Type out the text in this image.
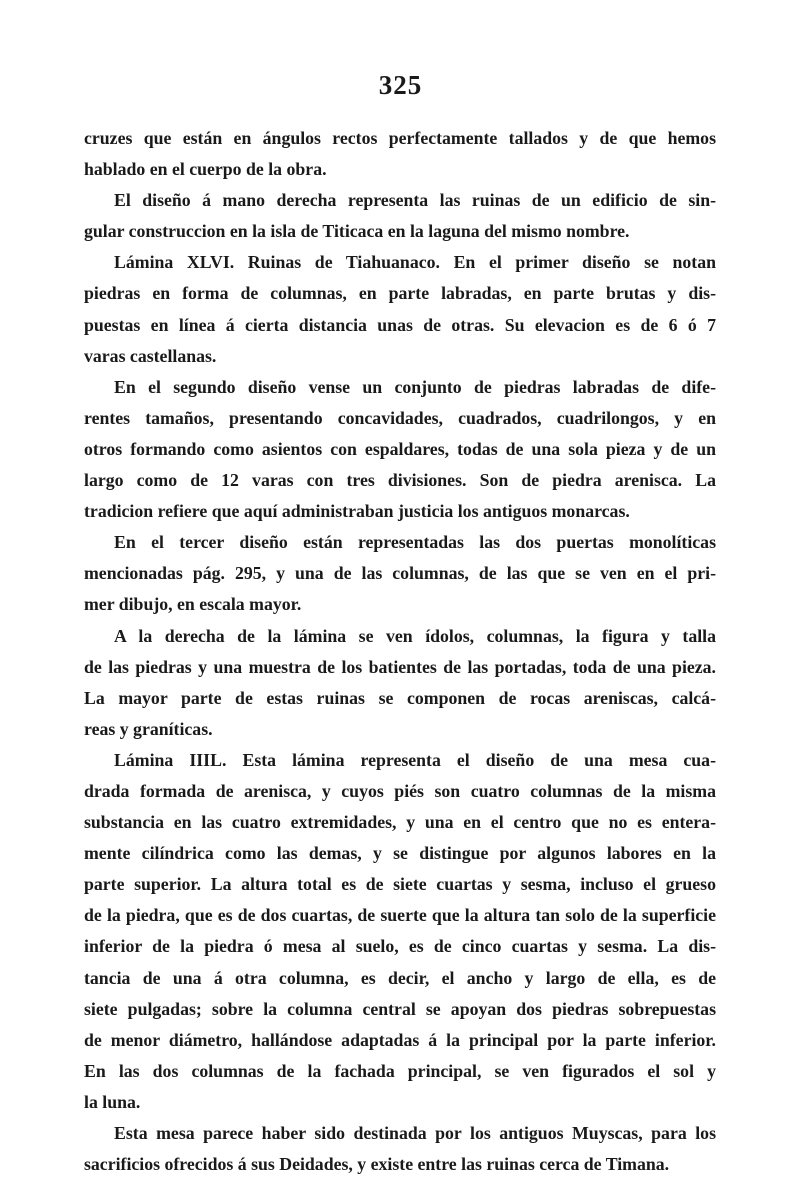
325
cruzes que están en ángulos rectos perfectamente tallados y de que hemos
hablado en el cuerpo de la obra.
El diseño á mano derecha representa las ruinas de un edificio de sin-
gular construccion en la isla de Titicaca en la laguna del mismo nombre.
Lámina XLVI. Ruinas de Tiahuanaco. En el primer diseño se notan
piedras en forma de columnas, en parte labradas, en parte brutas y dis-
puestas en línea á cierta distancia unas de otras. Su elevacion es de 6 ó 7
varas castellanas.
En el segundo diseño vense un conjunto de piedras labradas de dife-
rentes tamaños, presentando concavidades, cuadrados, cuadrilongos, y en
otros formando como asientos con espaldares, todas de una sola pieza y de un
largo como de 12 varas con tres divisiones. Son de piedra arenisca. La
tradicion refiere que aquí administraban justicia los antiguos monarcas.
En el tercer diseño están representadas las dos puertas monolíticas
mencionadas pág. 295, y una de las columnas, de las que se ven en el pri-
mer dibujo, en escala mayor.
A la derecha de la lámina se ven ídolos, columnas, la figura y talla
de las piedras y una muestra de los batientes de las portadas, toda de una pieza.
La mayor parte de estas ruinas se componen de rocas areniscas, calcá-
reas y graníticas.
Lámina IIIL. Esta lámina representa el diseño de una mesa cua-
drada formada de arenisca, y cuyos piés son cuatro columnas de la misma
substancia en las cuatro extremidades, y una en el centro que no es entera-
mente cilíndrica como las demas, y se distingue por algunos labores en la
parte superior. La altura total es de siete cuartas y sesma, incluso el grueso
de la piedra, que es de dos cuartas, de suerte que la altura tan solo de la superficie
inferior de la piedra ó mesa al suelo, es de cinco cuartas y sesma. La dis-
tancia de una á otra columna, es decir, el ancho y largo de ella, es de
siete pulgadas; sobre la columna central se apoyan dos piedras sobrepuestas
de menor diámetro, hallándose adaptadas á la principal por la parte inferior.
En las dos columnas de la fachada principal, se ven figurados el sol y
la luna.
Esta mesa parece haber sido destinada por los antiguos Muyscas, para los
sacrificios ofrecidos á sus Deidades, y existe entre las ruinas cerca de Timana.
